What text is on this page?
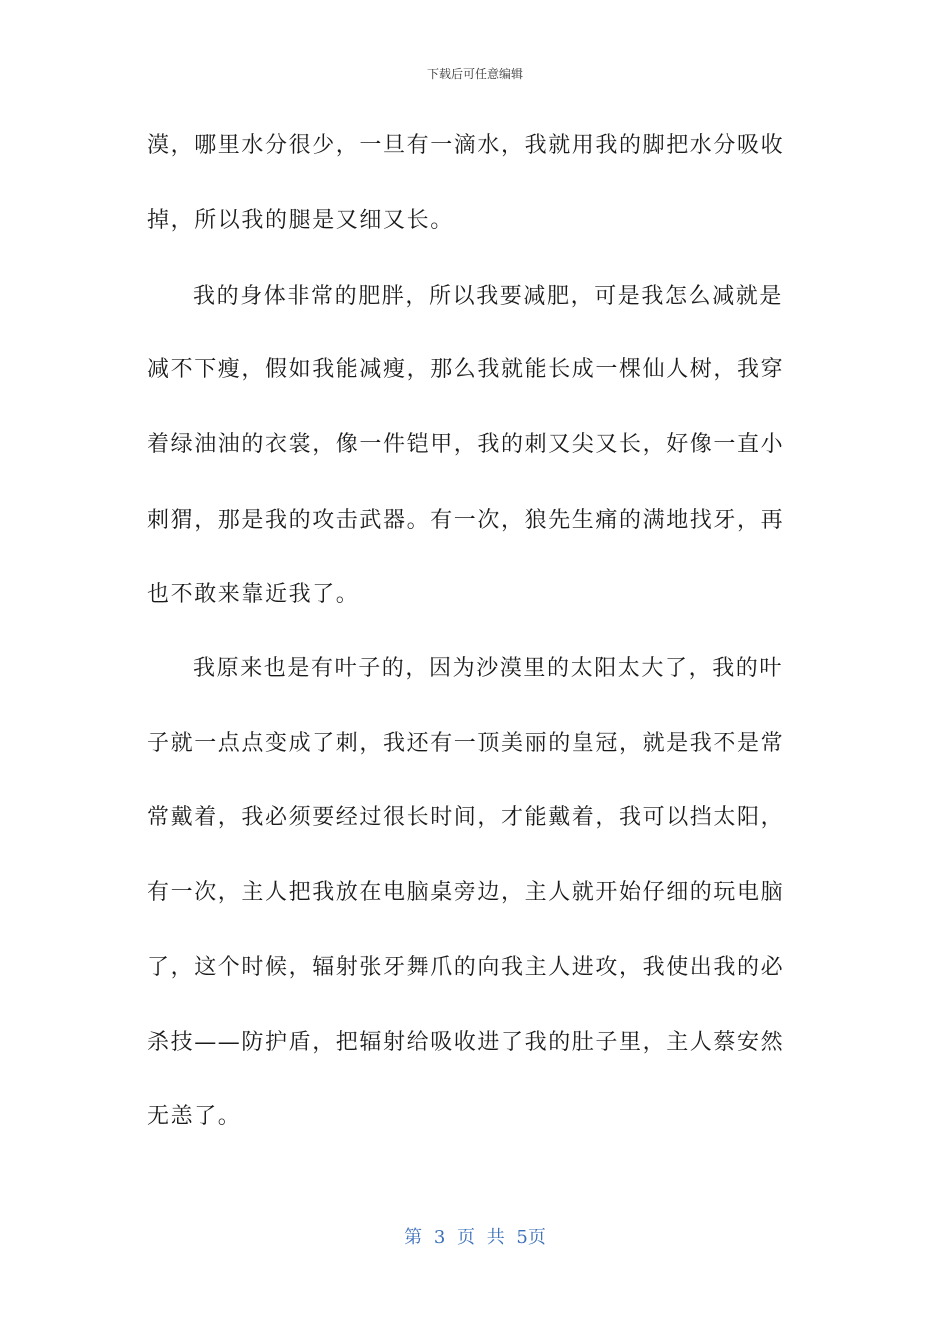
下载后可任意编辑
漠，哪里水分很少，一旦有一滴水，我就用我的脚把水分吸收
掉，所以我的腿是又细又长。
我的身体非常的肥胖，所以我要减肥，可是我怎么减就是
减不下瘦，假如我能减瘦，那么我就能长成一棵仙人树，我穿
着绿油油的衣裳，像一件铠甲，我的刺又尖又长，好像一直小
刺猬，那是我的攻击武器。有一次，狼先生痛的满地找牙，再
也不敢来靠近我了。
我原来也是有叶子的，因为沙漠里的太阳太大了，我的叶
子就一点点变成了刺，我还有一顶美丽的皇冠，就是我不是常
常戴着，我必须要经过很长时间，才能戴着，我可以挡太阳，
有一次，主人把我放在电脑桌旁边，主人就开始仔细的玩电脑
了，这个时候，辐射张牙舞爪的向我主人进攻，我使出我的必
杀技——防护盾，把辐射给吸收进了我的肚子里，主人蔡安然
无恙了。
第 3 页 共 5页
